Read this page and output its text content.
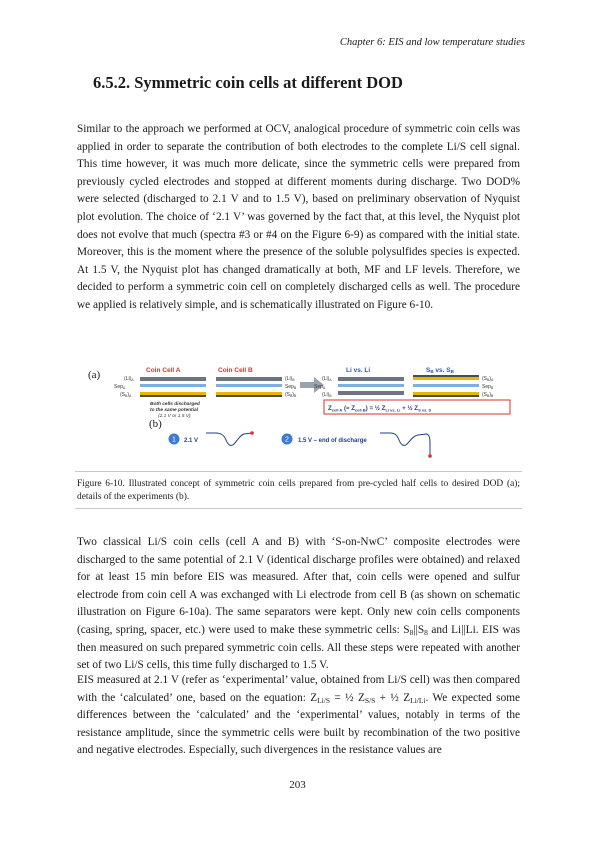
Chapter 6: EIS and low temperature studies
6.5.2. Symmetric coin cells at different DOD

Similar to the approach we performed at OCV, analogical procedure of symmetric coin cells was applied in order to separate the contribution of both electrodes to the complete Li/S cell signal. This time however, it was much more delicate, since the symmetric cells were prepared from previously cycled electrodes and stopped at different moments during discharge. Two DOD% were selected (discharged to 2.1 V and to 1.5 V), based on preliminary observation of Nyquist plot evolution. The choice of ‘2.1 V’ was governed by the fact that, at this level, the Nyquist plot does not evolve that much (spectra #3 or #4 on the Figure 6-9) as compared with the initial state. Moreover, this is the moment where the presence of the soluble polysulfides species is expected. At 1.5 V, the Nyquist plot has changed dramatically at both, MF and LF levels. Therefore, we decided to perform a symmetric coin cell on completely discharged cells as well. The procedure we applied is relatively simple, and is schematically illustrated on Figure 6-10.

(a)
(b)
Coin Cell A
$(Li)_A$
Sep$_A$
$(S_B)_A$
Coin Cell B
$(Li)_B$
Sep$_B$
$(S_B)_B$
Both cells discharged
to the same potential
(2.1 V or 1.5 V)
Li vs. Li
$(Li)_A$
Sep$_A$
$(Li)_B$
SB vs. SB
$(S_B)_A$
Sep$_B$
$(S_B)_B$
$Z_{cell A}$ (≈ $Z_{cell B}$) = ½ $Z_{Li vs. Li}$ + ½ $Z_{S vs. S}$
1 2.1 V	2 1.5 V – end of discharge

Figure 6-10. Illustrated concept of symmetric coin cells prepared from pre-cycled half cells to desired DOD (a); details of the experiments (b).

Two classical Li/S coin cells (cell A and B) with ‘S-on-NwC’ composite electrodes were discharged to the same potential of 2.1 V (identical discharge profiles were obtained) and relaxed for at least 15 min before EIS was measured. After that, coin cells were opened and sulfur electrode from coin cell A was exchanged with Li electrode from cell B (as shown on schematic illustration on Figure 6-10a). The same separators were kept. Only new coin cells components (casing, spring, spacer, etc.) were used to make these symmetric cells: $S_8||S_8$ and Li||Li. EIS was then measured on such prepared symmetric coin cells. All these steps were repeated with another set of two Li/S cells, this time fully discharged to 1.5 V.

EIS measured at 2.1 V (refer as ‘experimental’ value, obtained from Li/S cell) was then compared with the ‘calculated’ one, based on the equation: $Z_{Li/S}$ = ½ $Z_{S/S}$ + ½ $Z_{Li/Li}$. We expected some differences between the ‘calculated’ and the ‘experimental’ values, notably in terms of the resistance amplitude, since the symmetric cells were built by recombination of the two positive and negative electrodes. Especially, such divergences in the resistance values are

203
